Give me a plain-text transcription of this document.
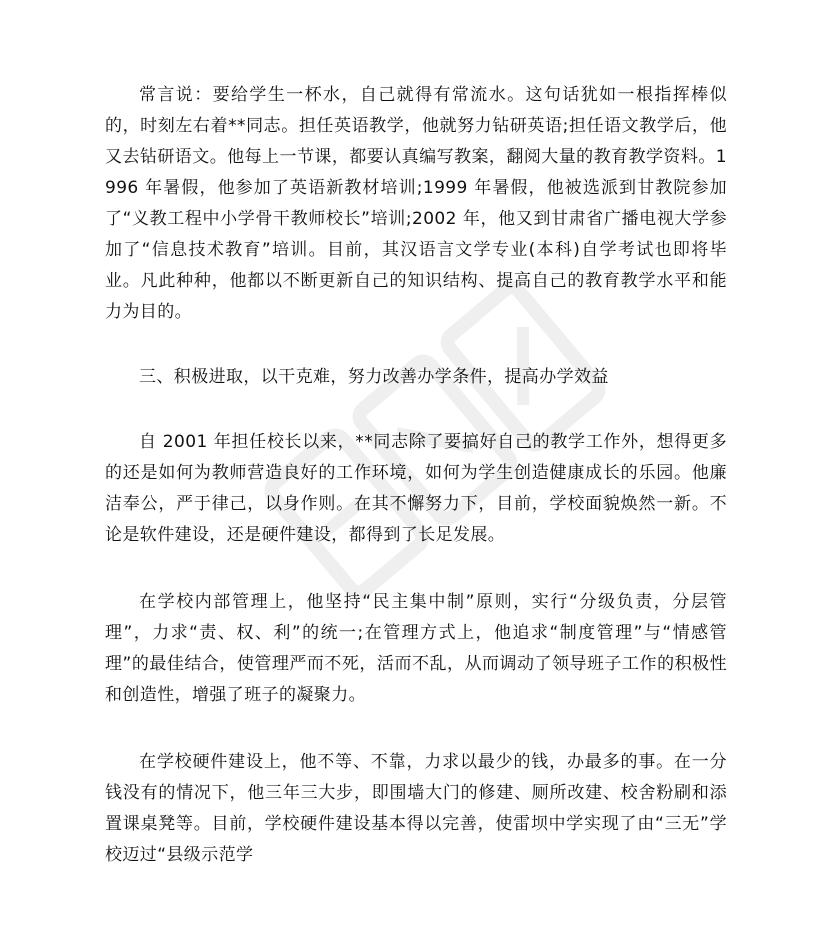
常言说：要给学生一杯水，自己就得有常流水。这句话犹如一根指挥棒似的，时刻左右着**同志。担任英语教学，他就努力钻研英语;担任语文教学后，他又去钻研语文。他每上一节课，都要认真编写教案，翻阅大量的教育教学资料。1996 年暑假，他参加了英语新教材培训;1999 年暑假，他被选派到甘教院参加了“义教工程中小学骨干教师校长”培训;2002 年，他又到甘肃省广播电视大学参加了“信息技术教育”培训。目前，其汉语言文学专业(本科)自学考试也即将毕业。凡此种种，他都以不断更新自己的知识结构、提高自己的教育教学水平和能力为目的。

三、积极进取，以干克难，努力改善办学条件，提高办学效益

自 2001 年担任校长以来，**同志除了要搞好自己的教学工作外，想得更多的还是如何为教师营造良好的工作环境，如何为学生创造健康成长的乐园。他廉洁奉公，严于律己，以身作则。在其不懈努力下，目前，学校面貌焕然一新。不论是软件建设，还是硬件建设，都得到了长足发展。

在学校内部管理上，他坚持“民主集中制”原则，实行“分级负责，分层管理”，力求“责、权、利”的统一;在管理方式上，他追求“制度管理”与“情感管理”的最佳结合，使管理严而不死，活而不乱，从而调动了领导班子工作的积极性和创造性，增强了班子的凝聚力。

在学校硬件建设上，他不等、不靠，力求以最少的钱，办最多的事。在一分钱没有的情况下，他三年三大步，即围墙大门的修建、厕所改建、校舍粉刷和添置课桌凳等。目前，学校硬件建设基本得以完善，使雷坝中学实现了由“三无”学校迈过“县级示范学
